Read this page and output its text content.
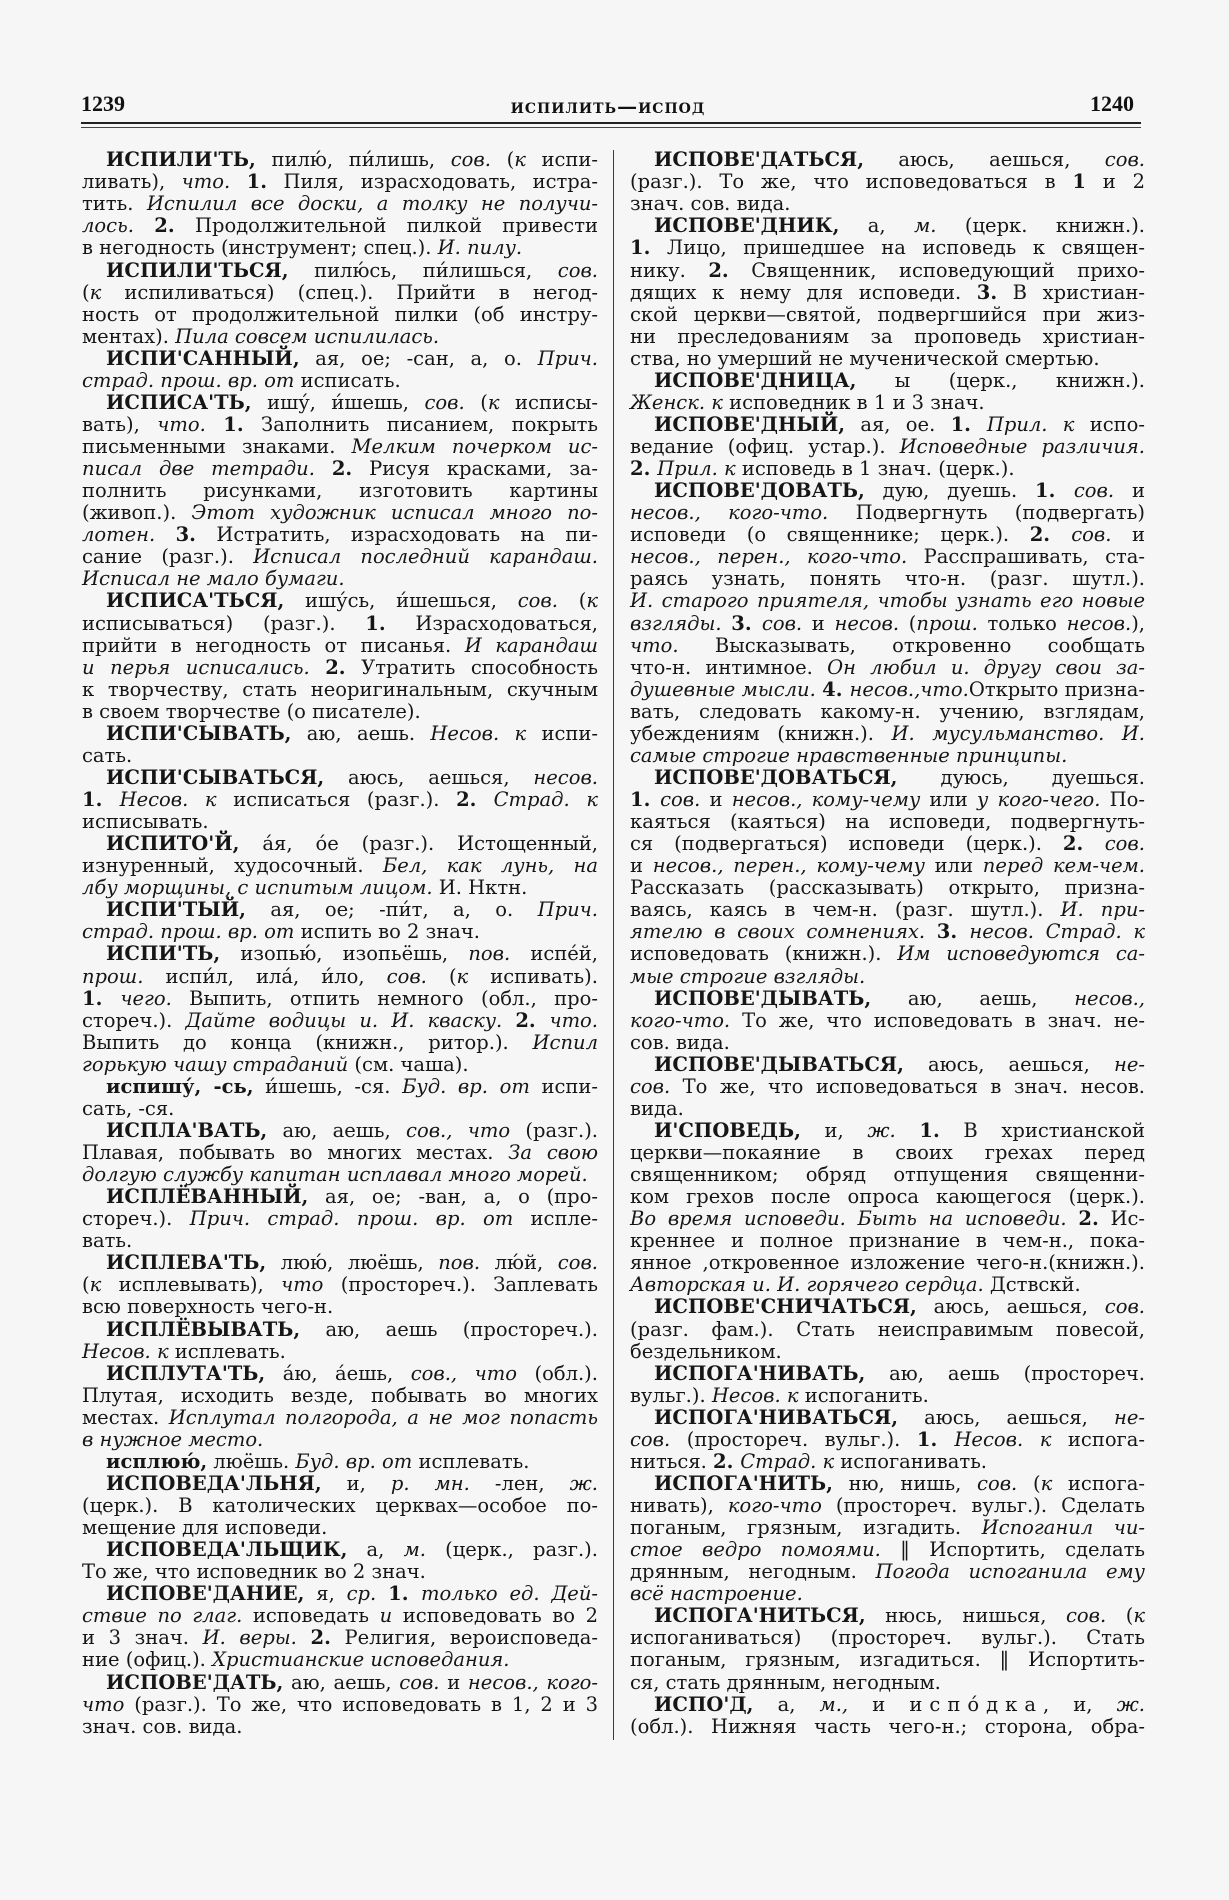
1239	испилить—испод	1240
ИСПИЛИ'ТЬ, пилю́, пи́лишь, сов. (к испи-
ливать), что. 1. Пиля, израсходовать, истра-
тить. Испилил все доски, а толку не получи-
лось. 2. Продолжительной пилкой привести
в негодность (инструмент; спец.). И. пилу.
ИСПИЛИ'ТЬСЯ, пилю́сь, пи́лишься, сов.
(к испиливаться) (спец.). Прийти в негод-
ность от продолжительной пилки (об инстру-
ментах). Пила совсем испилилась.
ИСПИ'САННЫЙ, ая, ое; -сан, а, о. Прич.
страд. прош. вр. от исписать.
ИСПИСА'ТЬ, ишу́, и́шешь, сов. (к исписы-
вать), что. 1. Заполнить писанием, покрыть
письменными знаками. Мелким почерком ис-
писал две тетради. 2. Рисуя красками, за-
полнить рисунками, изготовить картины
(живоп.). Этот художник исписал много по-
лотен. 3. Истратить, израсходовать на пи-
сание (разг.). Исписал последний карандаш.
Исписал не мало бумаги.
ИСПИСА'ТЬСЯ, ишу́сь, и́шешься, сов. (к
исписываться) (разг.). 1. Израсходоваться,
прийти в негодность от писанья. И карандаш
и перья исписались. 2. Утратить способность
к творчеству, стать неоригинальным, скучным
в своем творчестве (о писателе).
ИСПИ'СЫВАТЬ, аю, аешь. Несов. к испи-
сать.
ИСПИ'СЫВАТЬСЯ, аюсь, аешься, несов.
1. Несов. к исписаться (разг.). 2. Страд. к
исписывать.
ИСПИТО'Й, а́я, о́е (разг.). Истощенный,
изнуренный, худосочный. Бел, как лунь, на
лбу морщины, с испитым лицом. И. Нктн.
ИСПИ'ТЫЙ, ая, ое; -пи́т, а, о. Прич.
страд. прош. вр. от испить во 2 знач.
ИСПИ'ТЬ, изопью́, изопьёшь, пов. испе́й,
прош. испи́л, ила́, и́ло, сов. (к испивать).
1. чего. Выпить, отпить немного (обл., про-
стореч.). Дайте водицы и. И. кваску. 2. что.
Выпить до конца (книжн., ритор.). Испил
горькую чашу страданий (см. чаша).
испишу́, -сь, и́шешь, -ся. Буд. вр. от испи-
сать, -ся.
ИСПЛА'ВАТЬ, аю, аешь, сов., что (разг.).
Плавая, побывать во многих местах. За свою
долгую службу капитан исплавал много морей.
ИСПЛЁВАННЫЙ, ая, ое; -ван, а, о (про-
стореч.). Прич. страд. прош. вр. от испле-
вать.
ИСПЛЕВА'ТЬ, люю́, люёшь, пов. лю́й, сов.
(к исплевывать), что (простореч.). Заплевать
всю поверхность чего-н.
ИСПЛЁВЫВАТЬ, аю, аешь (простореч.).
Несов. к исплевать.
ИСПЛУТА'ТЬ, а́ю, а́ешь, сов., что (обл.).
Плутая, исходить везде, побывать во многих
местах. Исплутал полгорода, а не мог попасть
в нужное место.
исплюю́, люёшь. Буд. вр. от исплевать.
ИСПОВЕДА'ЛЬНЯ, и, р. мн. -лен, ж.
(церк.). В католических церквах—особое по-
мещение для исповеди.
ИСПОВЕДА'ЛЬЩИК, а, м. (церк., разг.).
То же, что исповедник во 2 знач.
ИСПОВЕ'ДАНИЕ, я, ср. 1. только ед. Дей-
ствие по глаг. исповедать и исповедовать во 2
и 3 знач. И. веры. 2. Религия, вероисповеда-
ние (офиц.). Христианские исповедания.
ИСПОВЕ'ДАТЬ, аю, аешь, сов. и несов., кого-
что (разг.). То же, что исповедовать в 1, 2 и 3
знач. сов. вида.
ИСПОВЕ'ДАТЬСЯ, аюсь, аешься, сов.
(разг.). То же, что исповедоваться в 1 и 2
знач. сов. вида.
ИСПОВЕ'ДНИК, а, м. (церк. книжн.).
1. Лицо, пришедшее на исповедь к священ-
нику. 2. Священник, исповедующий прихо-
дящих к нему для исповеди. 3. В христиан-
ской церкви—святой, подвергшийся при жиз-
ни преследованиям за проповедь христиан-
ства, но умерший не мученической смертью.
ИСПОВЕ'ДНИЦА, ы (церк., книжн.).
Женск. к исповедник в 1 и 3 знач.
ИСПОВЕ'ДНЫЙ, ая, ое. 1. Прил. к испо-
ведание (офиц. устар.). Исповедные различия.
2. Прил. к исповедь в 1 знач. (церк.).
ИСПОВЕ'ДОВАТЬ, дую, дуешь. 1. сов. и
несов., кого-что. Подвергнуть (подвергать)
исповеди (о священнике; церк.). 2. сов. и
несов., перен., кого-что. Расспрашивать, ста-
раясь узнать, понять что-н. (разг. шутл.).
И. старого приятеля, чтобы узнать его новые
взгляды. 3. сов. и несов. (прош. только несов.),
что. Высказывать, откровенно сообщать
что-н. интимное. Он любил и. другу свои за-
душевные мысли. 4. несов.,что.Открыто призна-
вать, следовать какому-н. учению, взглядам,
убеждениям (книжн.). И. мусульманство. И.
самые строгие нравственные принципы.
ИСПОВЕ'ДОВАТЬСЯ, дуюсь, дуешься.
1. сов. и несов., кому-чему или у кого-чего. По-
каяться (каяться) на исповеди, подвергнуть-
ся (подвергаться) исповеди (церк.). 2. сов.
и несов., перен., кому-чему или перед кем-чем.
Рассказать (рассказывать) открыто, призна-
ваясь, каясь в чем-н. (разг. шутл.). И. при-
ятелю в своих сомнениях. 3. несов. Страд. к
исповедовать (книжн.). Им исповедуются са-
мые строгие взгляды.
ИСПОВЕ'ДЫВАТЬ, аю, аешь, несов.,
кого-что. То же, что исповедовать в знач. не-
сов. вида.
ИСПОВЕ'ДЫВАТЬСЯ, аюсь, аешься, не-
сов. То же, что исповедоваться в знач. несов.
вида.
И'СПОВЕДЬ, и, ж. 1. В христианской
церкви—покаяние в своих грехах перед
священником; обряд отпущения священни-
ком грехов после опроса кающегося (церк.).
Во время исповеди. Быть на исповеди. 2. Ис-
креннее и полное признание в чем-н., пока-
янное ,откровенное изложение чего-н.(книжн.).
Авторская и. И. горячего сердца. Дствскй.
ИСПОВЕ'СНИЧАТЬСЯ, аюсь, аешься, сов.
(разг. фам.). Стать неисправимым повесой,
бездельником.
ИСПОГА'НИВАТЬ, аю, аешь (простореч.
вульг.). Несов. к испоганить.
ИСПОГА'НИВАТЬСЯ, аюсь, аешься, не-
сов. (простореч. вульг.). 1. Несов. к испога-
ниться. 2. Страд. к испоганивать.
ИСПОГА'НИТЬ, ню, нишь, сов. (к испога-
нивать), кого-что (простореч. вульг.). Сделать
поганым, грязным, изгадить. Испоганил чи-
стое ведро помоями. ‖ Испортить, сделать
дрянным, негодным. Погода испоганила ему
всё настроение.
ИСПОГА'НИТЬСЯ, нюсь, нишься, сов. (к
испоганиваться) (простореч. вульг.). Стать
поганым, грязным, изгадиться. ‖ Испортить-
ся, стать дрянным, негодным.
ИСПО'Д, а, м., и испо́дка, и, ж.
(обл.). Нижняя часть чего-н.; сторона, обра-
